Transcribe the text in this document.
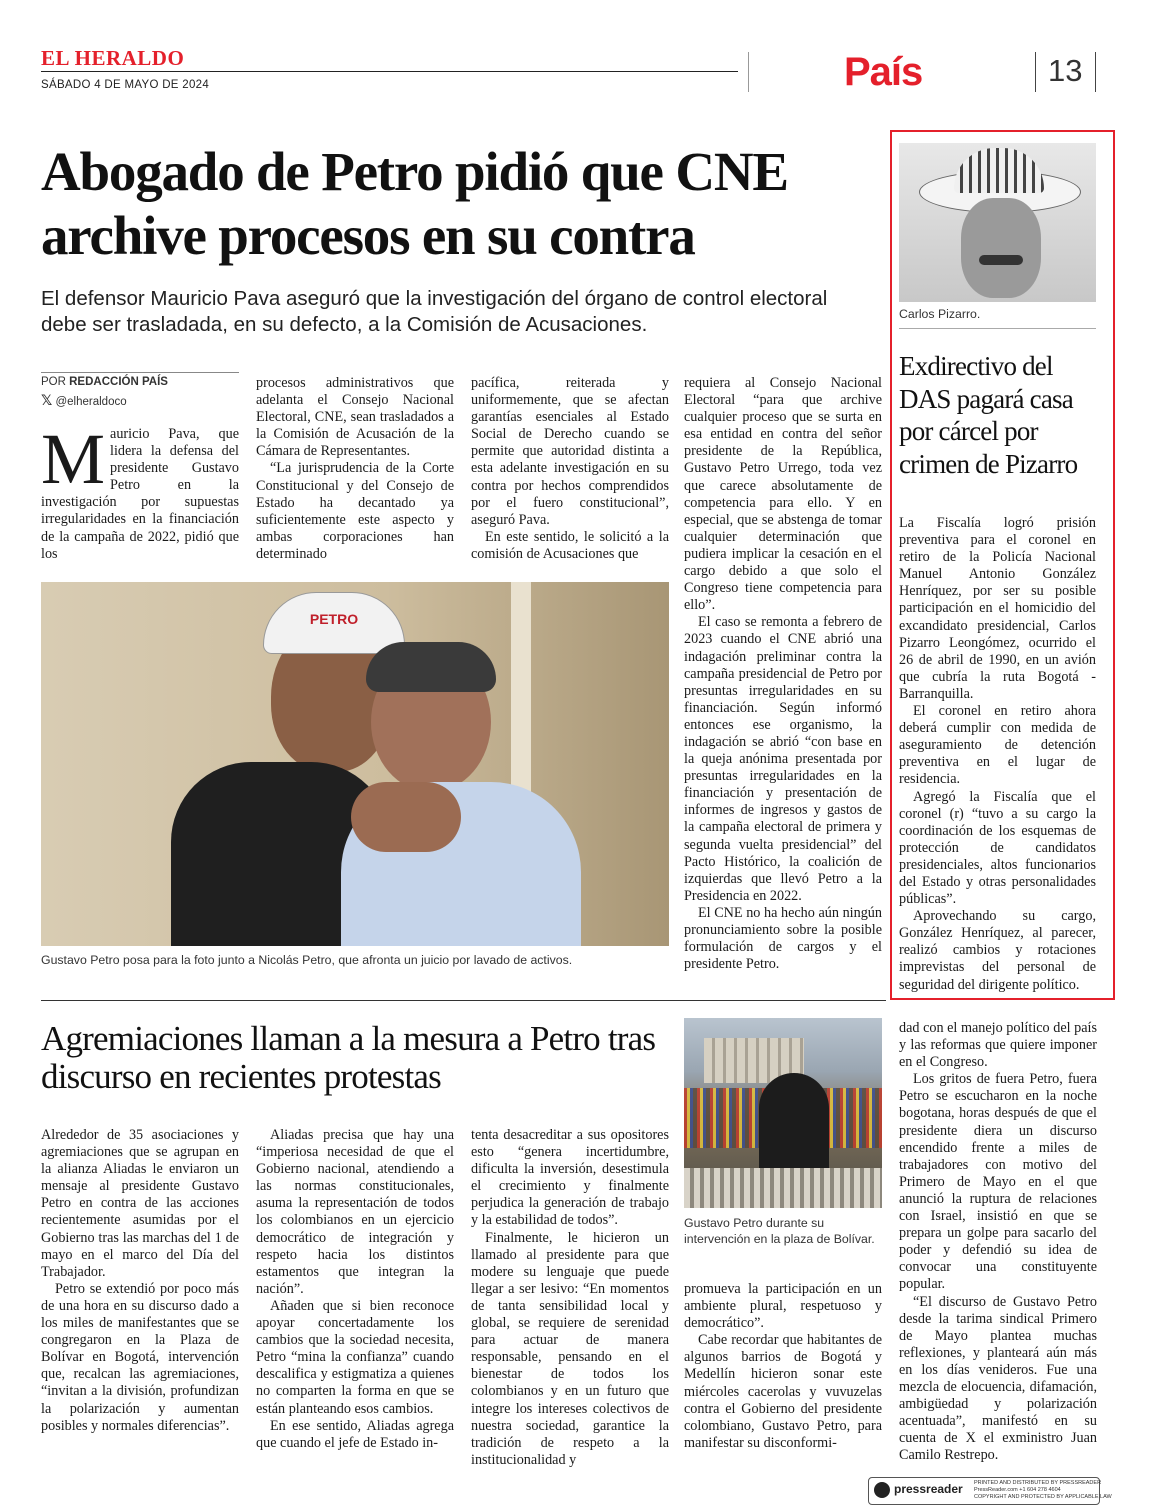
EL HERALDO
SÁBADO 4 DE MAYO DE 2024	País	13
Abogado de Petro pidió que CNE archive procesos en su contra
El defensor Mauricio Pava aseguró que la investigación del órgano de control electoral debe ser trasladada, en su defecto, a la Comisión de Acusaciones.
POR REDACCIÓN PAÍS
𝕏 @elheraldoco
M auricio Pava, que lidera la defensa del presidente Gustavo Petro en la investigación por supuestas irregularidades en la financiación de la campaña de 2022, pidió que los

procesos administrativos que adelanta el Consejo Nacional Electoral, CNE, sean trasladados a la Comisión de Acusación de la Cámara de Representantes.

“La jurisprudencia de la Corte Constitucional y del Consejo de Estado ha decantado ya suficientemente este aspecto y ambas corporaciones han determinado

pacífica, reiterada y uniformemente, que se afectan garantías esenciales al Estado Social de Derecho cuando se permite que autoridad distinta a esta adelante investigación en su contra por hechos comprendidos por el fuero constitucional”, aseguró Pava.

En este sentido, le solicitó a la comisión de Acusaciones que

requiera al Consejo Nacional Electoral “para que archive cualquier proceso que se surta en esa entidad en contra del señor presidente de la República, Gustavo Petro Urrego, toda vez que carece absolutamente de competencia para ello. Y en especial, que se abstenga de tomar cualquier determinación que pudiera implicar la cesación en el cargo debido a que solo el Congreso tiene competencia para ello”.

El caso se remonta a febrero de 2023 cuando el CNE abrió una indagación preliminar contra la campaña presidencial de Petro por presuntas irregularidades en su financiación. Según informó entonces ese organismo, la indagación se abrió “con base en la queja anónima presentada por presuntas irregularidades en la financiación y presentación de informes de ingresos y gastos de la campaña electoral de primera y segunda vuelta presidencial” del Pacto Histórico, la coalición de izquierdas que llevó Petro a la Presidencia en 2022.

El CNE no ha hecho aún ningún pronunciamiento sobre la posible formulación de cargos y el presidente Petro.

PETRO
Gustavo Petro posa para la foto junto a Nicolás Petro, que afronta un juicio por lavado de activos.
Carlos Pizarro.
Exdirectivo del DAS pagará casa por cárcel por crimen de Pizarro

La Fiscalía logró prisión preventiva para el coronel en retiro de la Policía Nacional Manuel Antonio González Henríquez, por ser su posible participación en el homicidio del excandidato presidencial, Carlos Pizarro Leongómez, ocurrido el 26 de abril de 1990, en un avión que cubría la ruta Bogotá - Barranquilla.

El coronel en retiro ahora deberá cumplir con medida de aseguramiento de detención preventiva en el lugar de residencia.

Agregó la Fiscalía que el coronel (r) “tuvo a su cargo la coordinación de los esquemas de protección de candidatos presidenciales, altos funcionarios del Estado y otras personalidades públicas”.

Aprovechando su cargo, González Henríquez, al parecer, realizó cambios y rotaciones imprevistas del personal de seguridad del dirigente político.

Agremiaciones llaman a la mesura a Petro tras discurso en recientes protestas

Alrededor de 35 asociaciones y agremiaciones que se agrupan en la alianza Aliadas le enviaron un mensaje al presidente Gustavo Petro en contra de las acciones recientemente asumidas por el Gobierno tras las marchas del 1 de mayo en el marco del Día del Trabajador.

Petro se extendió por poco más de una hora en su discurso dado a los miles de manifestantes que se congregaron en la Plaza de Bolívar en Bogotá, intervención que, recalcan las agremiaciones, “invitan a la división, profundizan la polarización y aumentan posibles y normales diferencias”.

Aliadas precisa que hay una “imperiosa necesidad de que el Gobierno nacional, atendiendo a las normas constitucionales, asuma la representación de todos los colombianos en un ejercicio democrático de integración y respeto hacia los distintos estamentos que integran la nación”.

Añaden que si bien reconoce apoyar concertadamente los cambios que la sociedad necesita, Petro “mina la confianza” cuando descalifica y estigmatiza a quienes no comparten la forma en que se están planteando esos cambios.

En ese sentido, Aliadas agrega que cuando el jefe de Estado in-

tenta desacreditar a sus opositores esto “genera incertidumbre, dificulta la inversión, desestimula el crecimiento y finalmente perjudica la generación de trabajo y la estabilidad de todos”.

Finalmente, le hicieron un llamado al presidente para que modere su lenguaje que puede llegar a ser lesivo: “En momentos de tanta sensibilidad local y global, se requiere de serenidad para actuar de manera responsable, pensando en el bienestar de todos los colombianos y en un futuro que integre los intereses colectivos de nuestra sociedad, garantice la tradición de respeto a la institucionalidad y

Gustavo Petro durante su intervención en la plaza de Bolívar.

promueva la participación en un ambiente plural, respetuoso y democrático”.

Cabe recordar que habitantes de algunos barrios de Bogotá y Medellín hicieron sonar este miércoles cacerolas y vuvuzelas contra el Gobierno del presidente colombiano, Gustavo Petro, para manifestar su disconformi-

dad con el manejo político del país y las reformas que quiere imponer en el Congreso.

Los gritos de fuera Petro, fuera Petro se escucharon en la noche bogotana, horas después de que el presidente diera un discurso encendido frente a miles de trabajadores con motivo del Primero de Mayo en el que anunció la ruptura de relaciones con Israel, insistió en que se prepara un golpe para sacarlo del poder y defendió su idea de convocar una constituyente popular.

“El discurso de Gustavo Petro desde la tarima sindical Primero de Mayo plantea muchas reflexiones, y planteará aún más en los días venideros. Fue una mezcla de elocuencia, difamación, ambigüedad y polarización acentuada”, manifestó en su cuenta de X el exministro Juan Camilo Restrepo.

pressreader PRINTED AND DISTRIBUTED BY PRESSREADER
PressReader.com +1 604 278 4604
COPYRIGHT AND PROTECTED BY APPLICABLE LAW
